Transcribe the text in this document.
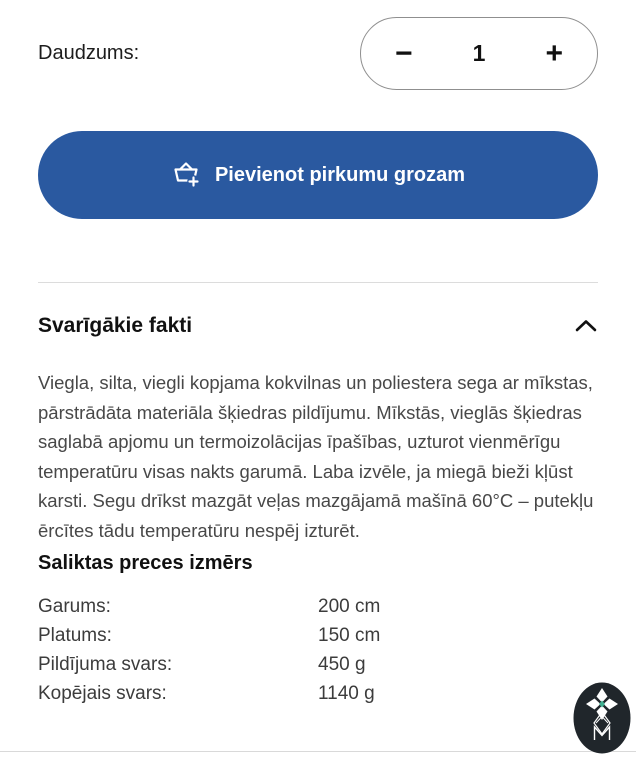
Daudzums:	−	1 +
Pievienot pirkumu grozam
Svarīgākie fakti

Viegla, silta, viegli kopjama kokvilnas un poliestera sega ar mīkstas, pārstrādāta materiāla šķiedras pildījumu. Mīkstās, vieglās šķiedras saglabā apjomu un termoizolācijas īpašības, uzturot vienmērīgu temperatūru visas nakts garumā. Laba izvēle, ja miegā bieži kļūst karsti. Segu drīkst mazgāt veļas mazgājamā mašīnā 60°C – putekļu ērcītes tādu temperatūru nespēj izturēt.

Saliktas preces izmērs
Garums:	200 cm
Platums:	150 cm
Pildījuma svars:	450 g
Kopējais svars:	1140 g
